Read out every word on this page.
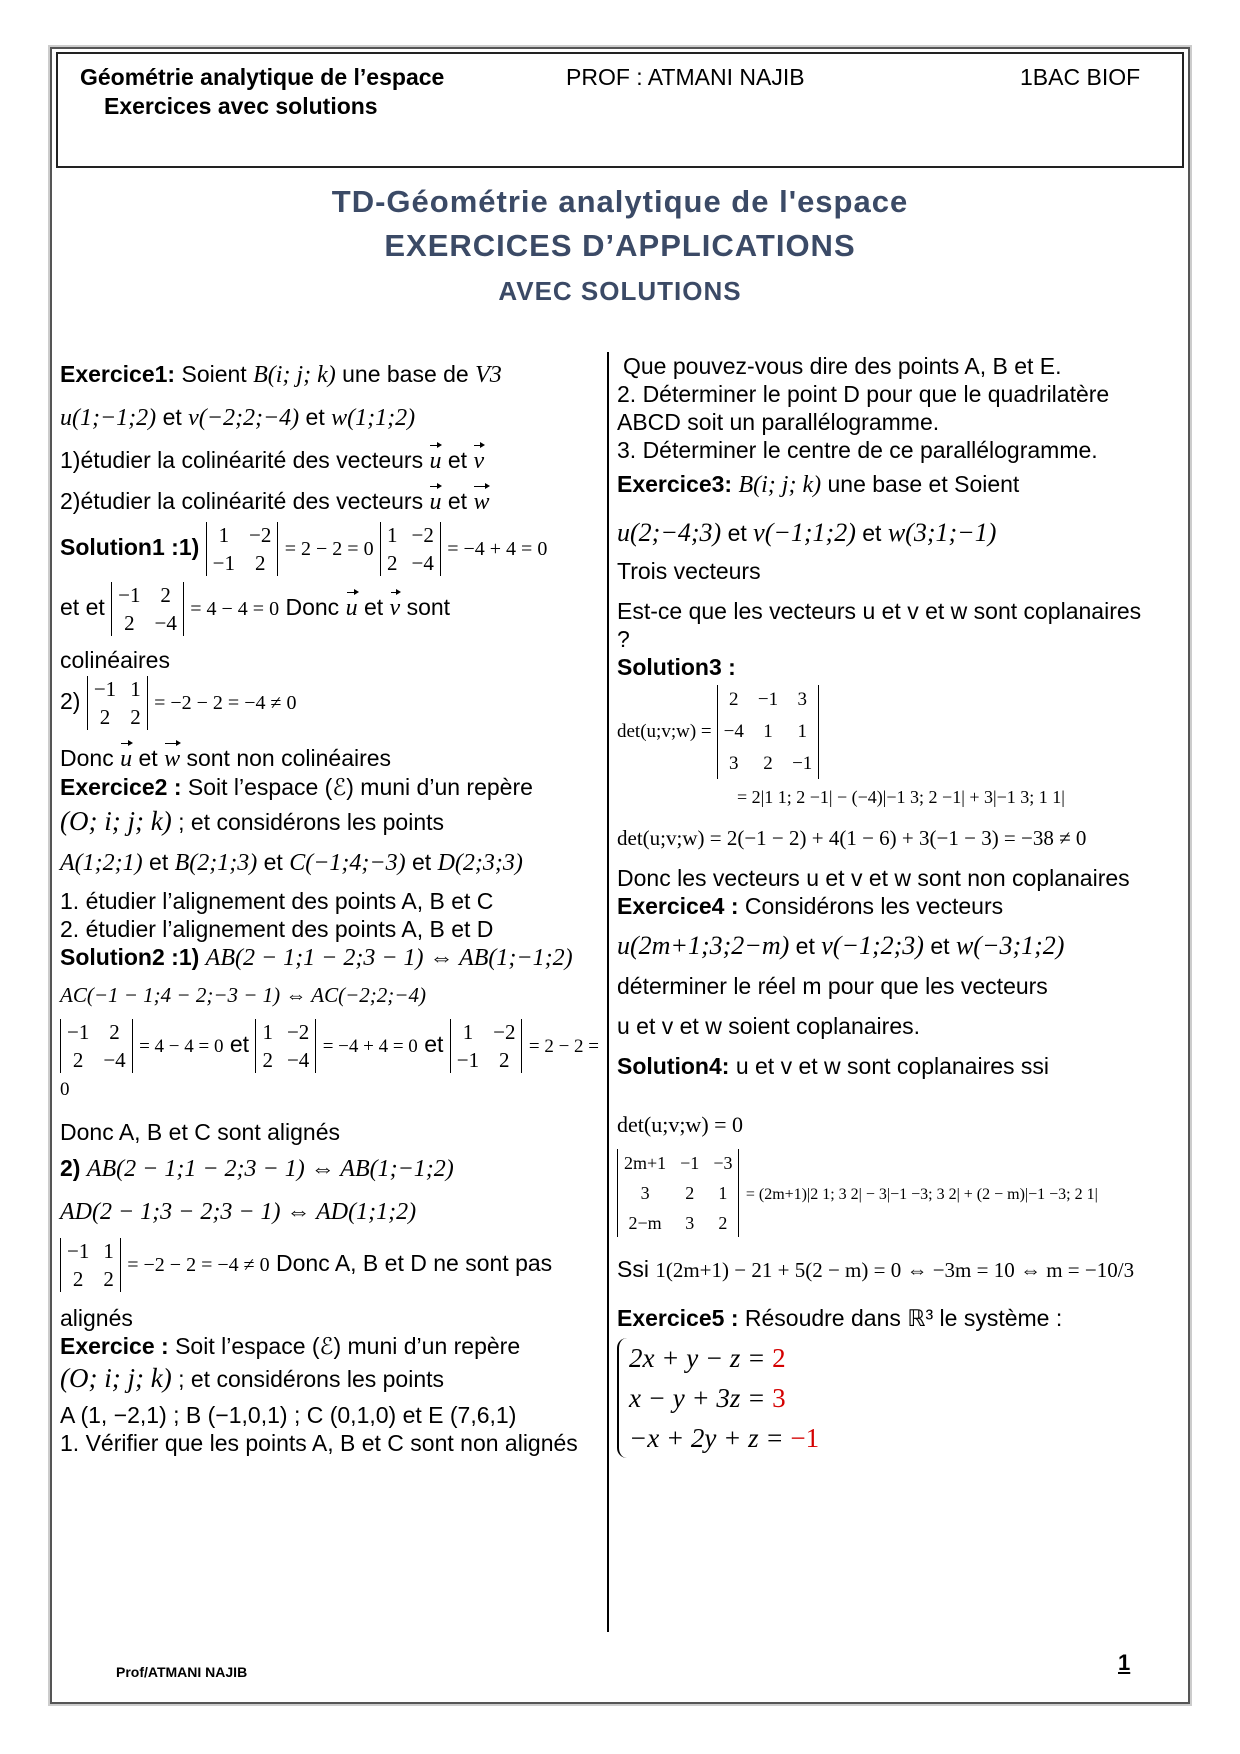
Géométrie analytique de l’espace
Exercices avec solutions
PROF : ATMANI NAJIB	1BAC BIOF
TD-Géométrie analytique de l'espace
EXERCICES D’APPLICATIONS
AVEC SOLUTIONS

Exercice1: Soient B(i; j; k) une base de V3

u(1;−1;2) et v(−2;2;−4) et w(1;1;2)

1)étudier la colinéarité des vecteurs u et v

2)étudier la colinéarité des vecteurs u et w

Solution1 :1) 1 −2
−1 2
= 2 − 2 = 0
1 −2
2 −4
= −4 + 4 = 0

et et −1 2
2 −4
= 4 − 4 = 0 Donc u et v sont

colinéaires

2) −1 1
2 2
= −2 − 2 = −4 ≠ 0

Donc u et w sont non colinéaires

Exercice2 : Soit l’espace (ℰ) muni d’un repère

(O; i; j; k) ; et considérons les points

A(1;2;1) et B(2;1;3) et C(−1;4;−3) et D(2;3;3)

1. étudier l’alignement des points A, B et C

2. étudier l’alignement des points A, B et D

Solution2 :1) AB(2 − 1;1 − 2;3 − 1) ⇔ AB(1;−1;2)

AC(−1 − 1;4 − 2;−3 − 1) ⇔ AC(−2;2;−4)

−1 2
2 −4
= 4 − 4 = 0 et 1 −2
2 −4
= −4 + 4 = 0 et 1 −2
−1 2
= 2 − 2 = 0

Donc A, B et C sont alignés

2) AB(2 − 1;1 − 2;3 − 1) ⇔ AB(1;−1;2)

AD(2 − 1;3 − 2;3 − 1) ⇔ AD(1;1;2)

−1 1
2 2
= −2 − 2 = −4 ≠ 0 Donc A, B et D ne sont pas

alignés

Exercice : Soit l’espace (ℰ) muni d’un repère

(O; i; j; k) ; et considérons les points

A (1, −2,1) ; B (−1,0,1) ; C (0,1,0) et E (7,6,1)

1. Vérifier que les points A, B et C sont non alignés

Que pouvez-vous dire des points A, B et E.

2. Déterminer le point D pour que le quadrilatère ABCD soit un parallélogramme.

3. Déterminer le centre de ce parallélogramme.

Exercice3: B(i; j; k) une base et Soient

u(2;−4;3) et v(−1;1;2) et w(3;1;−1)

Trois vecteurs

Est-ce que les vecteurs u et v et w sont coplanaires ?

Solution3 :

det(u;v;w) =
2 −1 3
−4 1 1
3 2 −1

= 2|1 1; 2 −1| − (−4)|−1 3; 2 −1| + 3|−1 3; 1 1|

det(u;v;w) = 2(−1 − 2) + 4(1 − 6) + 3(−1 − 3) = −38 ≠ 0

Donc les vecteurs u et v et w sont non coplanaires

Exercice4 : Considérons les vecteurs

u(2m+1;3;2−m) et v(−1;2;3) et w(−3;1;2)

déterminer le réel m pour que les vecteurs

u et v et w soient coplanaires.

Solution4: u et v et w sont coplanaires ssi

det(u;v;w) = 0

2m+1 −1 −3
3	2 1
2−m 3 2
= (2m+1)|2 1; 3 2| − 3|−1 −3; 3 2| + (2 − m)|−1 −3; 2 1|

Ssi 1(2m+1) − 21 + 5(2 − m) = 0 ⇔ −3m = 10 ⇔ m = −10/3

Exercice5 : Résoudre dans ℝ³ le système :

2x + y − z = 2
x − y + 3z = 3
−x + 2y + z = −1
Prof/ATMANI NAJIB	1
